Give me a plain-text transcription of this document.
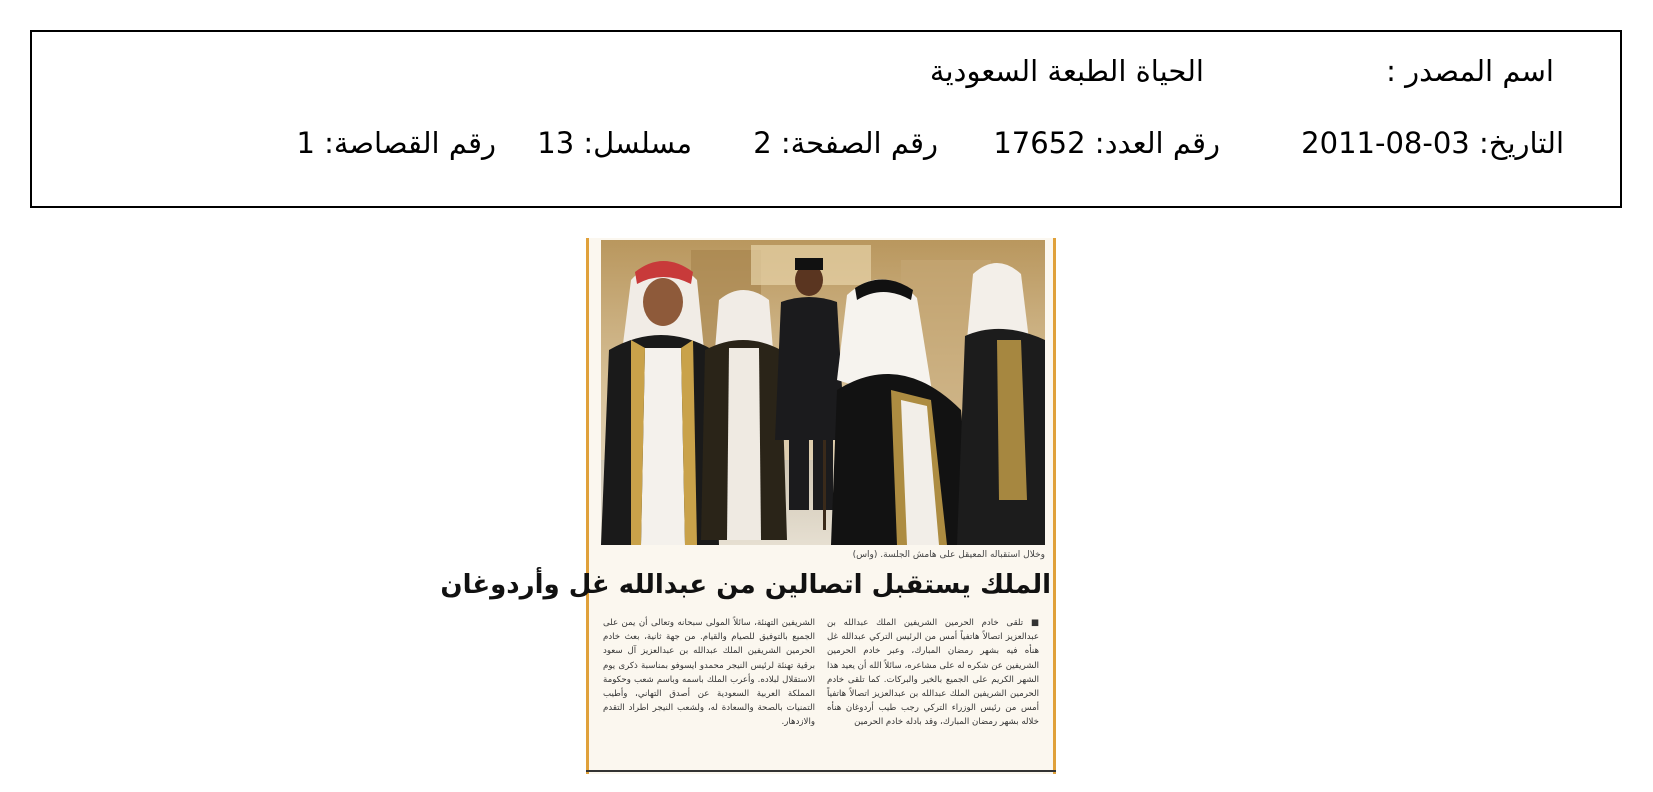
اسم المصدر :
الحياة الطبعة السعودية
التاريخ: 03-08-2011
رقم العدد: 17652
رقم الصفحة: 2
مسلسل: 13
رقم القصاصة: 1
وخلال استقباله المعيقل على هامش الجلسة. (واس)
الملك يستقبل اتصالين من عبدالله غل وأردوغان
■ تلقى خادم الحرمين الشريفين الملك عبدالله بن عبدالعزيز اتصالاً هاتفياً أمس من الرئيس التركي عبدالله غل هنأه فيه بشهر رمضان المبارك، وعبر خادم الحرمين الشريفين عن شكره له على مشاعره، سائلاً الله أن يعيد هذا الشهر الكريم على الجميع بالخير والبركات. كما تلقى خادم الحرمين الشريفين الملك عبدالله بن عبدالعزيز اتصالاً هاتفياً أمس من رئيس الوزراء التركي رجب طيب أردوغان هنأه خلاله بشهر رمضان المبارك، وقد بادله خادم الحرمين
الشريفين التهنئة، سائلاً المولى سبحانه وتعالى أن يمن على الجميع بالتوفيق للصيام والقيام. من جهة ثانية، بعث خادم الحرمين الشريفين الملك عبدالله بن عبدالعزيز آل سعود برقية تهنئة لرئيس النيجر محمدو ايسوفو بمناسبة ذكرى يوم الاستقلال لبلاده. وأعرب الملك باسمه وباسم شعب وحكومة المملكة العربية السعودية عن أصدق التهاني، وأطيب التمنيات بالصحة والسعادة له، ولشعب النيجر اطراد التقدم والازدهار.
